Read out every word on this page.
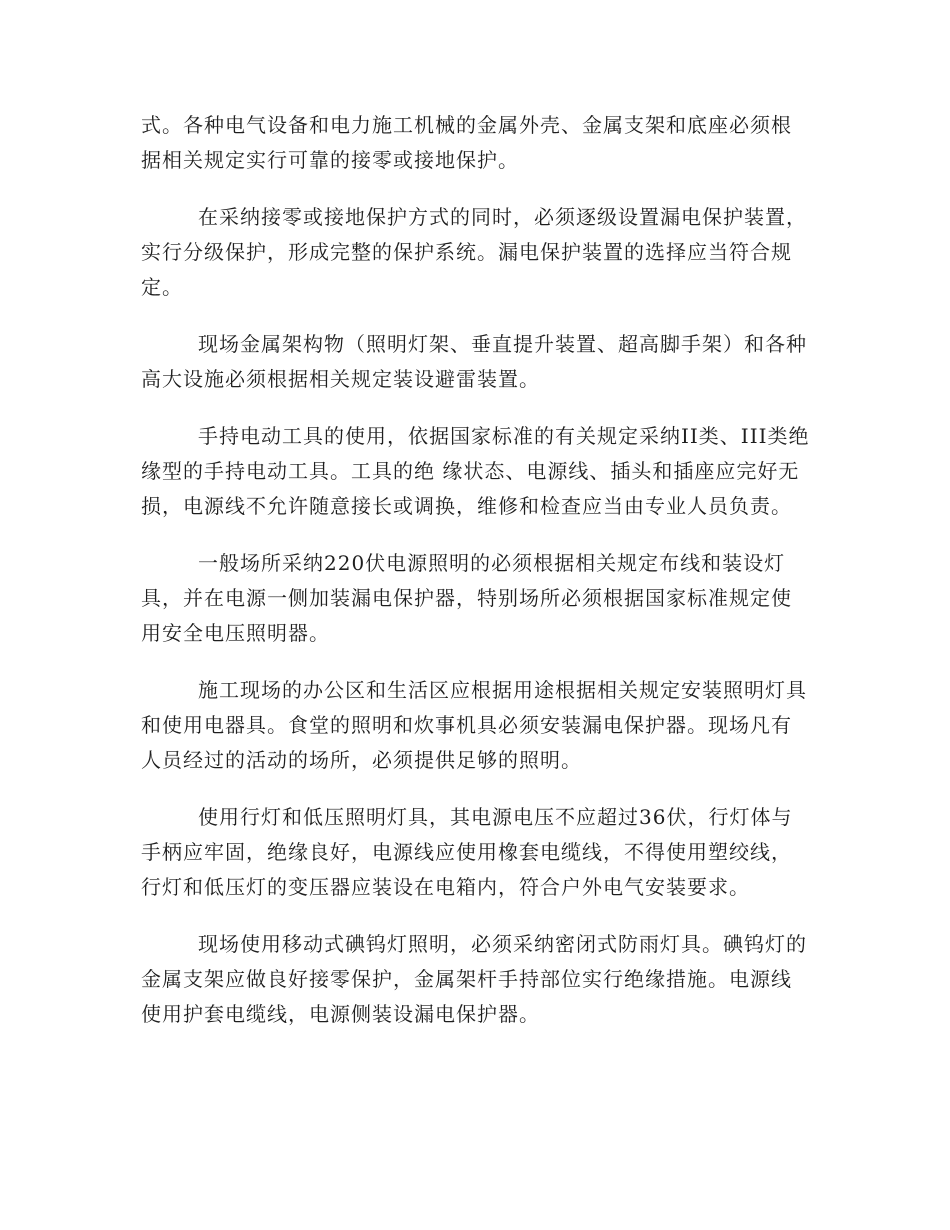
式。各种电气设备和电力施工机械的金属外壳、金属支架和底座必须根据相关规定实行可靠的接零或接地保护。

在采纳接零或接地保护方式的同时，必须逐级设置漏电保护装置，实行分级保护，形成完整的保护系统。漏电保护装置的选择应当符合规定。

现场金属架构物（照明灯架、垂直提升装置、超高脚手架）和各种高大设施必须根据相关规定装设避雷装置。

手持电动工具的使用，依据国家标准的有关规定采纳II类、III类绝缘型的手持电动工具。工具的绝 缘状态、电源线、插头和插座应完好无损，电源线不允许随意接长或调换，维修和检查应当由专业人员负责。

一般场所采纳220伏电源照明的必须根据相关规定布线和装设灯具，并在电源一侧加装漏电保护器，特别场所必须根据国家标准规定使用安全电压照明器。

施工现场的办公区和生活区应根据用途根据相关规定安装照明灯具和使用电器具。食堂的照明和炊事机具必须安装漏电保护器。现场凡有人员经过的活动的场所，必须提供足够的照明。

使用行灯和低压照明灯具，其电源电压不应超过36伏，行灯体与手柄应牢固，绝缘良好，电源线应使用橡套电缆线，不得使用塑绞线，行灯和低压灯的变压器应装设在电箱内，符合户外电气安装要求。

现场使用移动式碘钨灯照明，必须采纳密闭式防雨灯具。碘钨灯的金属支架应做良好接零保护，金属架杆手持部位实行绝缘措施。电源线使用护套电缆线，电源侧装设漏电保护器。
